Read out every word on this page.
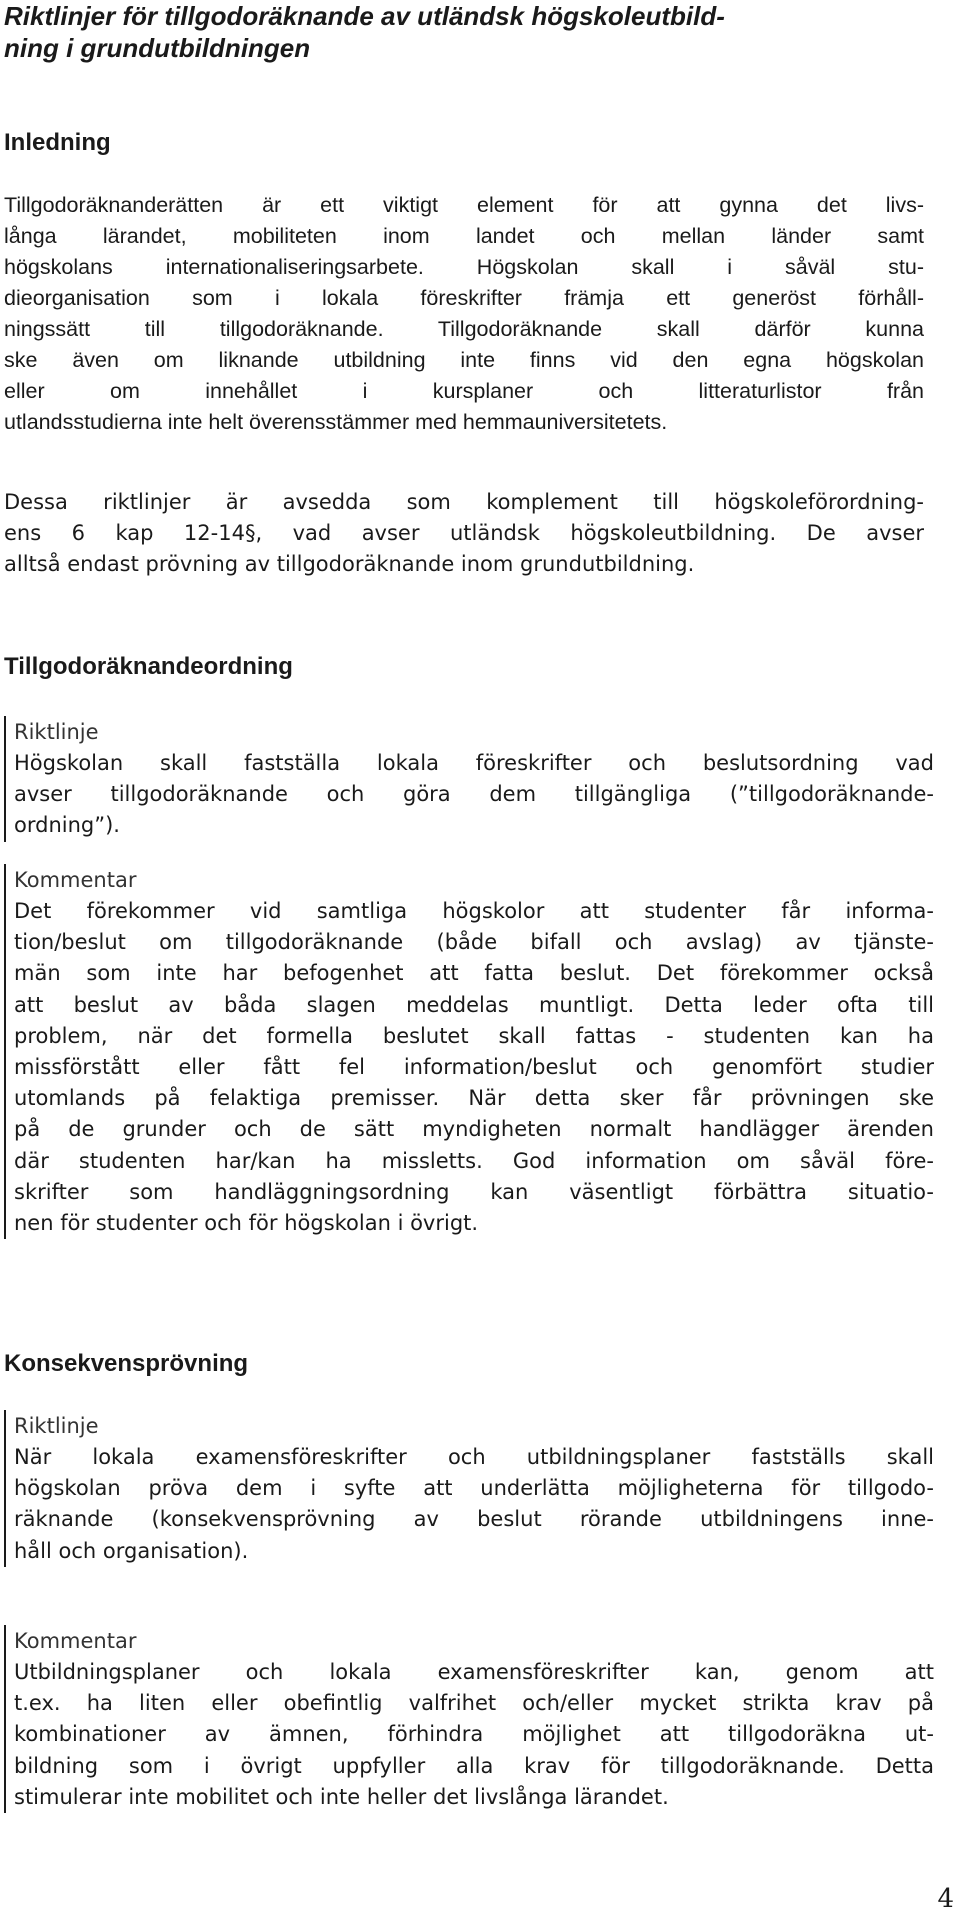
Riktlinjer för tillgodoräknande av utländsk högskoleutbild-
ning i grundutbildningen
Inledning

Tillgodoräknanderätten är ett viktigt element för att gynna det livs-
långa lärandet, mobiliteten inom landet och mellan länder samt
högskolans internationaliseringsarbete. Högskolan skall i såväl stu-
dieorganisation som i lokala föreskrifter främja ett generöst förhåll-
ningssätt till tillgodoräknande. Tillgodoräknande skall därför kunna
ske även om liknande utbildning inte finns vid den egna högskolan
eller om innehållet i kursplaner och litteraturlistor från
utlandsstudierna inte helt överensstämmer med hemmauniversitetets.

Dessa riktlinjer är avsedda som komplement till högskoleförordning-
ens 6 kap 12-14§, vad avser utländsk högskoleutbildning. De avser
alltså endast prövning av tillgodoräknande inom grundutbildning.

Tillgodoräknandeordning
Riktlinje
Högskolan skall fastställa lokala föreskrifter och beslutsordning vad
avser tillgodoräknande och göra dem tillgängliga (”tillgodoräknande-
ordning”).
Kommentar
Det förekommer vid samtliga högskolor att studenter får informa-
tion/beslut om tillgodoräknande (både bifall och avslag) av tjänste-
män som inte har befogenhet att fatta beslut. Det förekommer också
att beslut av båda slagen meddelas muntligt. Detta leder ofta till
problem, när det formella beslutet skall fattas - studenten kan ha
missförstått eller fått fel information/beslut och genomfört studier
utomlands på felaktiga premisser. När detta sker får prövningen ske
på de grunder och de sätt myndigheten normalt handlägger ärenden
där studenten har/kan ha missletts. God information om såväl före-
skrifter som handläggningsordning kan väsentligt förbättra situatio-
nen för studenter och för högskolan i övrigt.
Konsekvensprövning
Riktlinje
När lokala examensföreskrifter och utbildningsplaner fastställs skall
högskolan pröva dem i syfte att underlätta möjligheterna för tillgodo-
räknande (konsekvensprövning av beslut rörande utbildningens inne-
håll och organisation).
Kommentar
Utbildningsplaner och lokala examensföreskrifter kan, genom att
t.ex. ha liten eller obefintlig valfrihet och/eller mycket strikta krav på
kombinationer av ämnen, förhindra möjlighet att tillgodoräkna ut-
bildning som i övrigt uppfyller alla krav för tillgodoräknande. Detta
stimulerar inte mobilitet och inte heller det livslånga lärandet.
4
